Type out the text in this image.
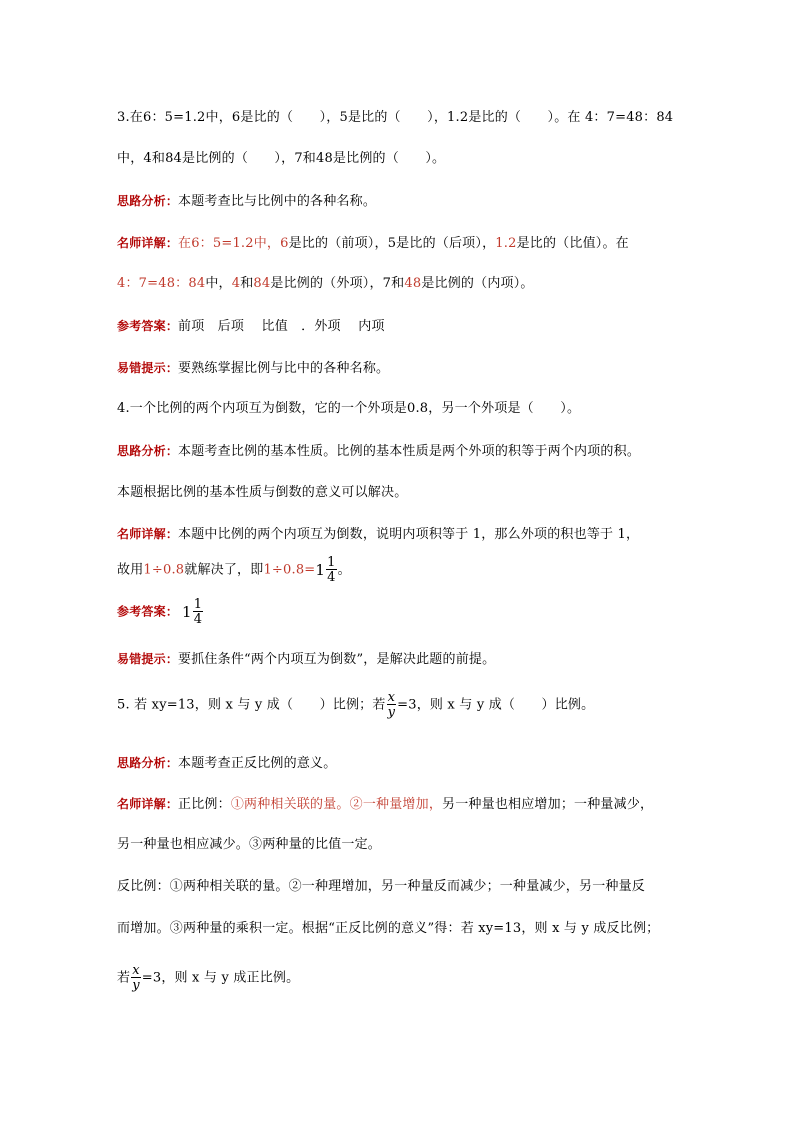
3.在6：5=1.2中，6是比的（　　），5是比的（　　），1.2是比的（　　）。在 4：7=48：84
中，4和84是比例的（　　），7和48是比例的（　　）。
思路分析：本题考查比与比例中的各种名称。
名师详解：在6：5=1.2中，6是比的（前项），5是比的（后项），1.2是比的（比值）。在
4：7=48：84中，4和84是比例的（外项），7和48是比例的（内项）。
参考答案：前项　后项　 比值　．外项　 内项
易错提示：要熟练掌握比例与比中的各种名称。
4.一个比例的两个内项互为倒数，它的一个外项是0.8，另一个外项是（　　）。
思路分析：本题考查比例的基本性质。比例的基本性质是两个外项的积等于两个内项的积。
本题根据比例的基本性质与倒数的意义可以解决。
名师详解：本题中比例的两个内项互为倒数，说明内项积等于 1，那么外项的积也等于 1，
故用1÷0.8就解决了，即$1\div 0.8=1 \frac{1}{4}$ 。
参考答案： $1 \frac{1}{4}$
易错提示：要抓住条件“两个内项互为倒数”，是解决此题的前提。
5. 若 xy=13，则 x 与 y 成（　　）比例；若 $\frac{x}{y} =3$，则 x 与 y 成（　　）比例。
思路分析：本题考查正反比例的意义。
名师详解：正比例：①两种相关联的量。②一种量增加，另一种量也相应增加；一种量减少，
另一种量也相应减少。③两种量的比值一定。
反比例：①两种相关联的量。②一种理增加，另一种量反而减少；一种量减少，另一种量反
而增加。③两种量的乘积一定。根据“正反比例的意义”得：若 xy=13，则 x 与 y 成反比例；
若 $\frac{x}{y} =3$，则 x 与 y 成正比例。
